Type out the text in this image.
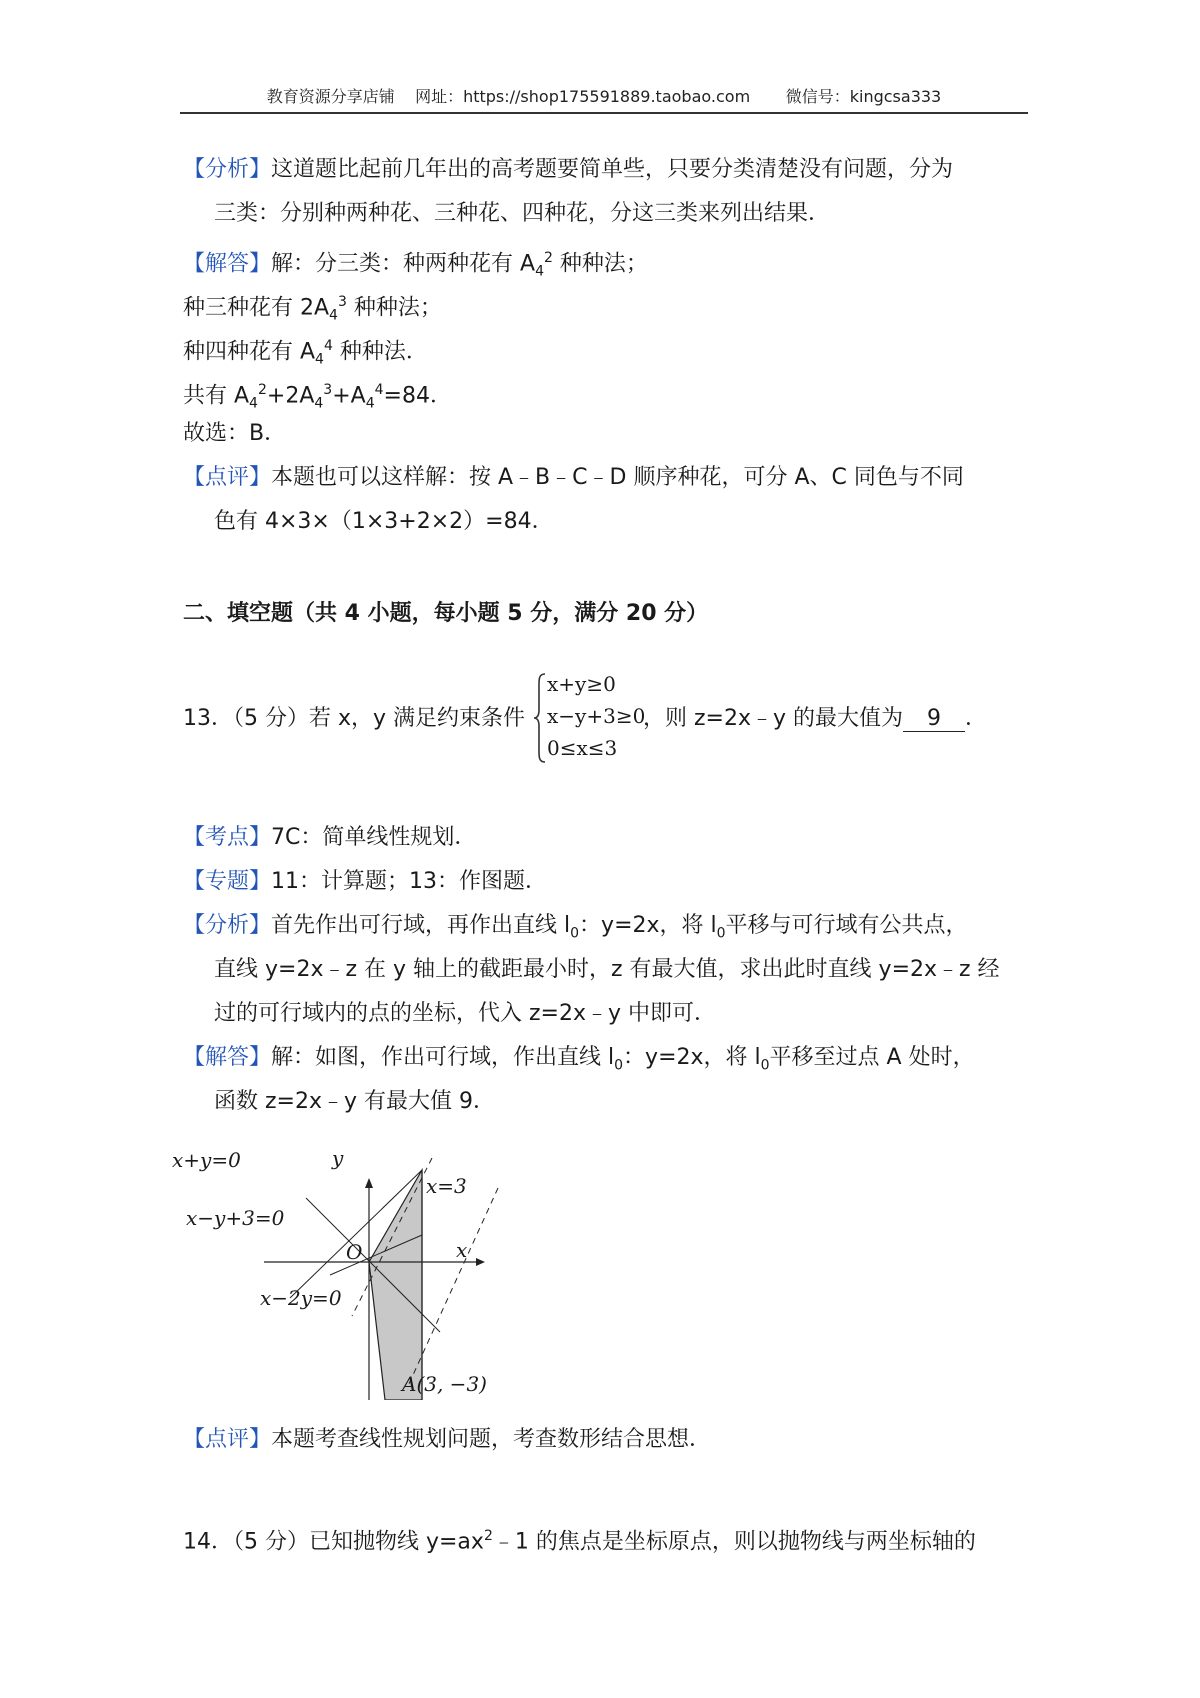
教育资源分享店铺    网址：https://shop175591889.taobao.com       微信号：kingcsa333
【分析】这道题比起前几年出的高考题要简单些，只要分类清楚没有问题，分为
三类：分别种两种花、三种花、四种花，分这三类来列出结果．
【解答】解：分三类：种两种花有 $A_4^2$ 种种法；
种三种花有 $2A_4^3$ 种种法；
种四种花有 $A_4^4$ 种种法．
共有 $A_4^2+2A_4^3+A_4^4=84$．
故选：B．
【点评】本题也可以这样解：按 A﹣B﹣C﹣D 顺序种花，可分 A、C 同色与不同
色有 4×3×（1×3+2×2）=84．
二、填空题（共 4 小题，每小题 5 分，满分 20 分）
13．（5 分）若 x，y 满足约束条件	，则 z=2x﹣y 的最大值为 9 ．
x+y≥0
x−y+3≥0
0≤x≤3
【考点】7C：简单线性规划．
【专题】11：计算题；13：作图题．
【分析】首先作出可行域，再作出直线 $l_0$：y=2x，将 $l_0$平移与可行域有公共点，
直线 y=2x﹣z 在 y 轴上的截距最小时，z 有最大值，求出此时直线 y=2x﹣z 经
过的可行域内的点的坐标，代入 z=2x﹣y 中即可．
【解答】解：如图，作出可行域，作出直线 $l_0$：y=2x，将 $l_0$平移至过点 A 处时，
函数 z=2x﹣y 有最大值 9．
x+y=0
x−y+3=0
x=3
x−2y=0
y
x
O
A(3, −3)
【点评】本题考查线性规划问题，考查数形结合思想．
14．（5 分）已知抛物线 $y=ax^2﹣1$ 的焦点是坐标原点，则以抛物线与两坐标轴的
